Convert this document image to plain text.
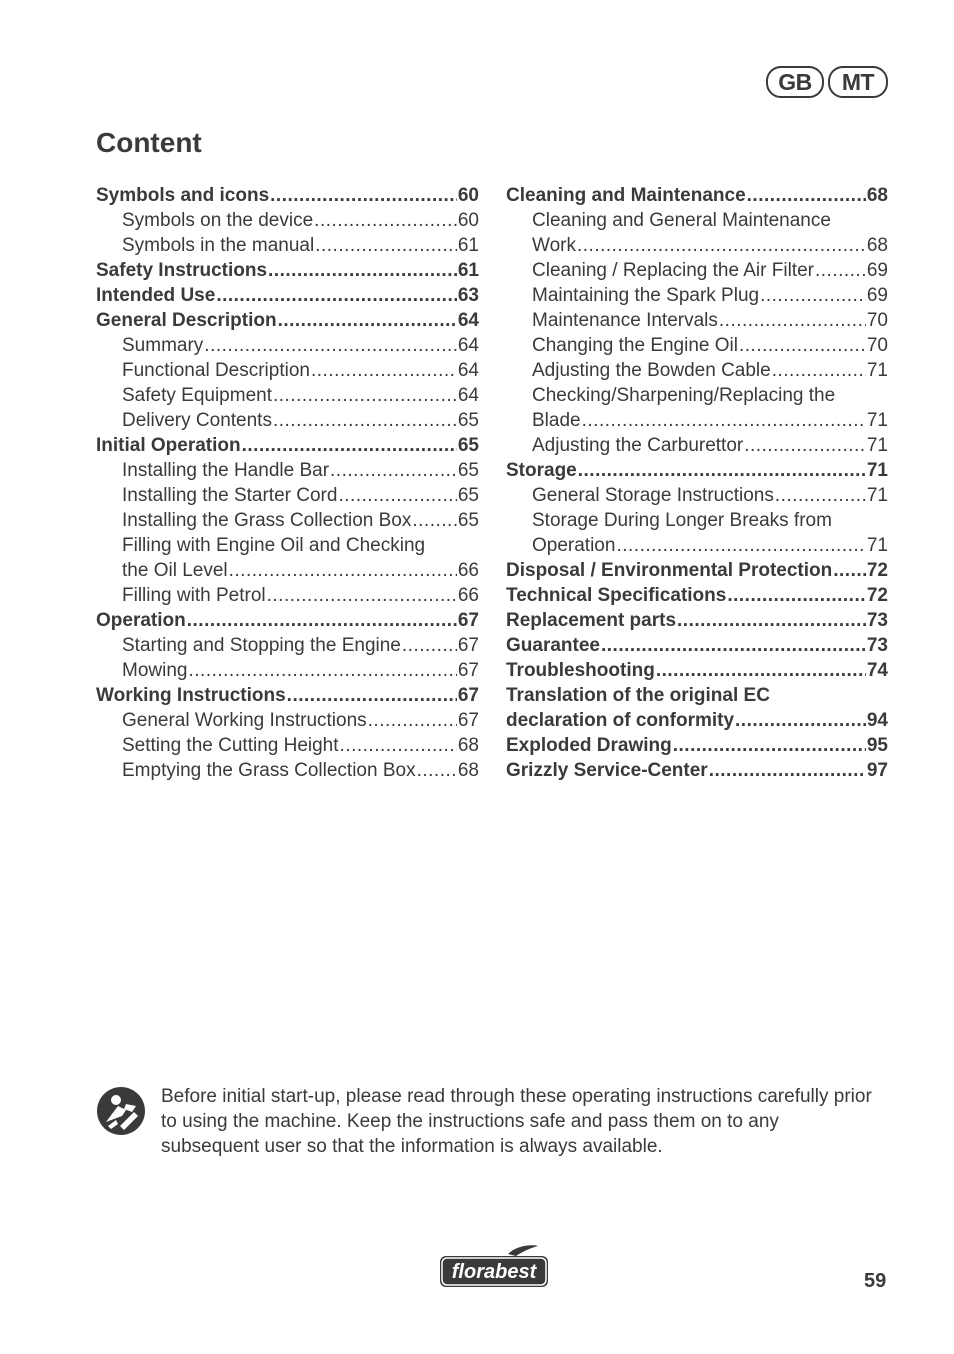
GB	MT
Content
Symbols and icons .....	60
Symbols on the device .....	60
Symbols in the manual .....	61
Safety Instructions .....	61
Intended Use .....	63
General Description .....	64
Summary .....	64
Functional Description .....	64
Safety Equipment .....	64
Delivery Contents .....	65
Initial Operation .....	65
Installing the Handle Bar .....	65
Installing the Starter Cord .....	65
Installing the Grass Collection Box ..... 65
Filling with Engine Oil and Checking
the Oil Level .....	66
Filling with Petrol .....	66
Operation .....	67
Starting and Stopping the Engine .....	67
Mowing .....	67
Working Instructions .....	67
General Working Instructions .....	67
Setting the Cutting Height .....	68
Emptying the Grass Collection Box ..... 68
Cleaning and Maintenance .....	68
Cleaning and General Maintenance
Work .....	68
Cleaning / Replacing the Air Filter .....	69
Maintaining the Spark Plug .....	69
Maintenance Intervals .....	70
Changing the Engine Oil .....	70
Adjusting the Bowden Cable .....	71
Checking/Sharpening/Replacing the
Blade .....	71
Adjusting the Carburettor .....	71
Storage .....	71
General Storage Instructions .....	71
Storage During Longer Breaks from
Operation .....	71
Disposal / Environmental Protection ..... 72
Technical Specifications .....	72
Replacement parts .....	73
Guarantee .....	73
Troubleshooting .....	74
Translation of the original EC
declaration of conformity .....	94
Exploded Drawing .....	95
Grizzly Service-Center .....	97
Before initial start-up, please read through these operating instructions carefully prior to using the machine. Keep the instructions safe and pass them on to any subsequent user so that the information is always available.
florabest	59
